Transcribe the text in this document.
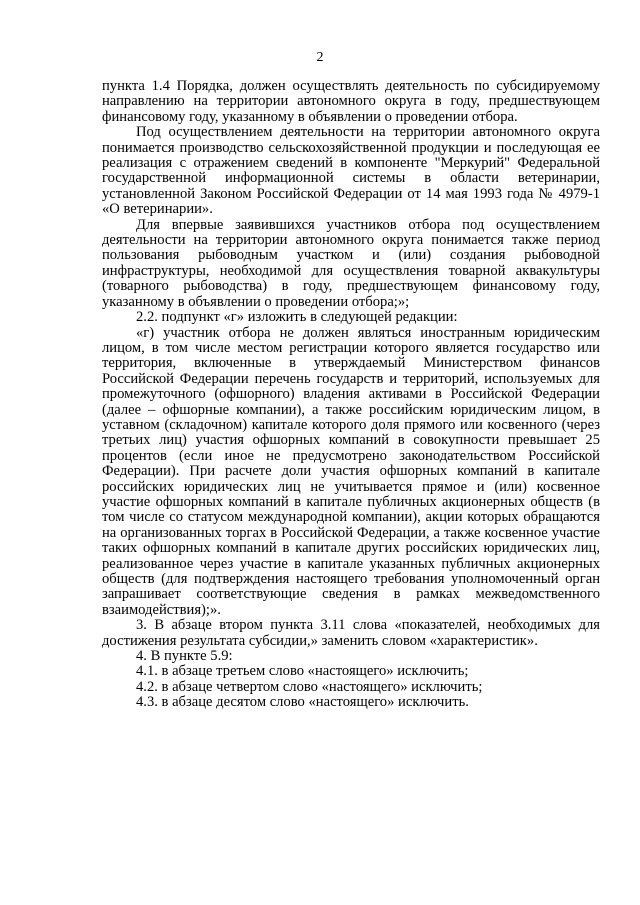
2

пункта 1.4 Порядка, должен осуществлять деятельность по субсидируемому направлению на территории автономного округа в году, предшествующем финансовому году, указанному в объявлении о проведении отбора.

Под осуществлением деятельности на территории автономного округа понимается производство сельскохозяйственной продукции и последующая ее реализация с отражением сведений в компоненте "Меркурий" Федеральной государственной информационной системы в области ветеринарии, установленной Законом Российской Федерации от 14 мая 1993 года № 4979-1 «О ветеринарии».

Для впервые заявившихся участников отбора под осуществлением деятельности на территории автономного округа понимается также период пользования рыбоводным участком и (или) создания рыбоводной инфраструктуры, необходимой для осуществления товарной аквакультуры (товарного рыбоводства) в году, предшествующем финансовому году, указанному в объявлении о проведении отбора;»;

2.2. подпункт «г» изложить в следующей редакции:

«г) участник отбора не должен являться иностранным юридическим лицом, в том числе местом регистрации которого является государство или территория, включенные в утверждаемый Министерством финансов Российской Федерации перечень государств и территорий, используемых для промежуточного (офшорного) владения активами в Российской Федерации (далее – офшорные компании), а также российским юридическим лицом, в уставном (складочном) капитале которого доля прямого или косвенного (через третьих лиц) участия офшорных компаний в совокупности превышает 25 процентов (если иное не предусмотрено законодательством Российской Федерации). При расчете доли участия офшорных компаний в капитале российских юридических лиц не учитывается прямое и (или) косвенное участие офшорных компаний в капитале публичных акционерных обществ (в том числе со статусом международной компании), акции которых обращаются на организованных торгах в Российской Федерации, а также косвенное участие таких офшорных компаний в капитале других российских юридических лиц, реализованное через участие в капитале указанных публичных акционерных обществ (для подтверждения настоящего требования уполномоченный орган запрашивает соответствующие сведения в рамках межведомственного взаимодействия);».

3. В абзаце втором пункта 3.11 слова «показателей, необходимых для достижения результата субсидии,» заменить словом «характеристик».

4. В пункте 5.9:

4.1. в абзаце третьем слово «настоящего» исключить;

4.2. в абзаце четвертом слово «настоящего» исключить;

4.3. в абзаце десятом слово «настоящего» исключить.
